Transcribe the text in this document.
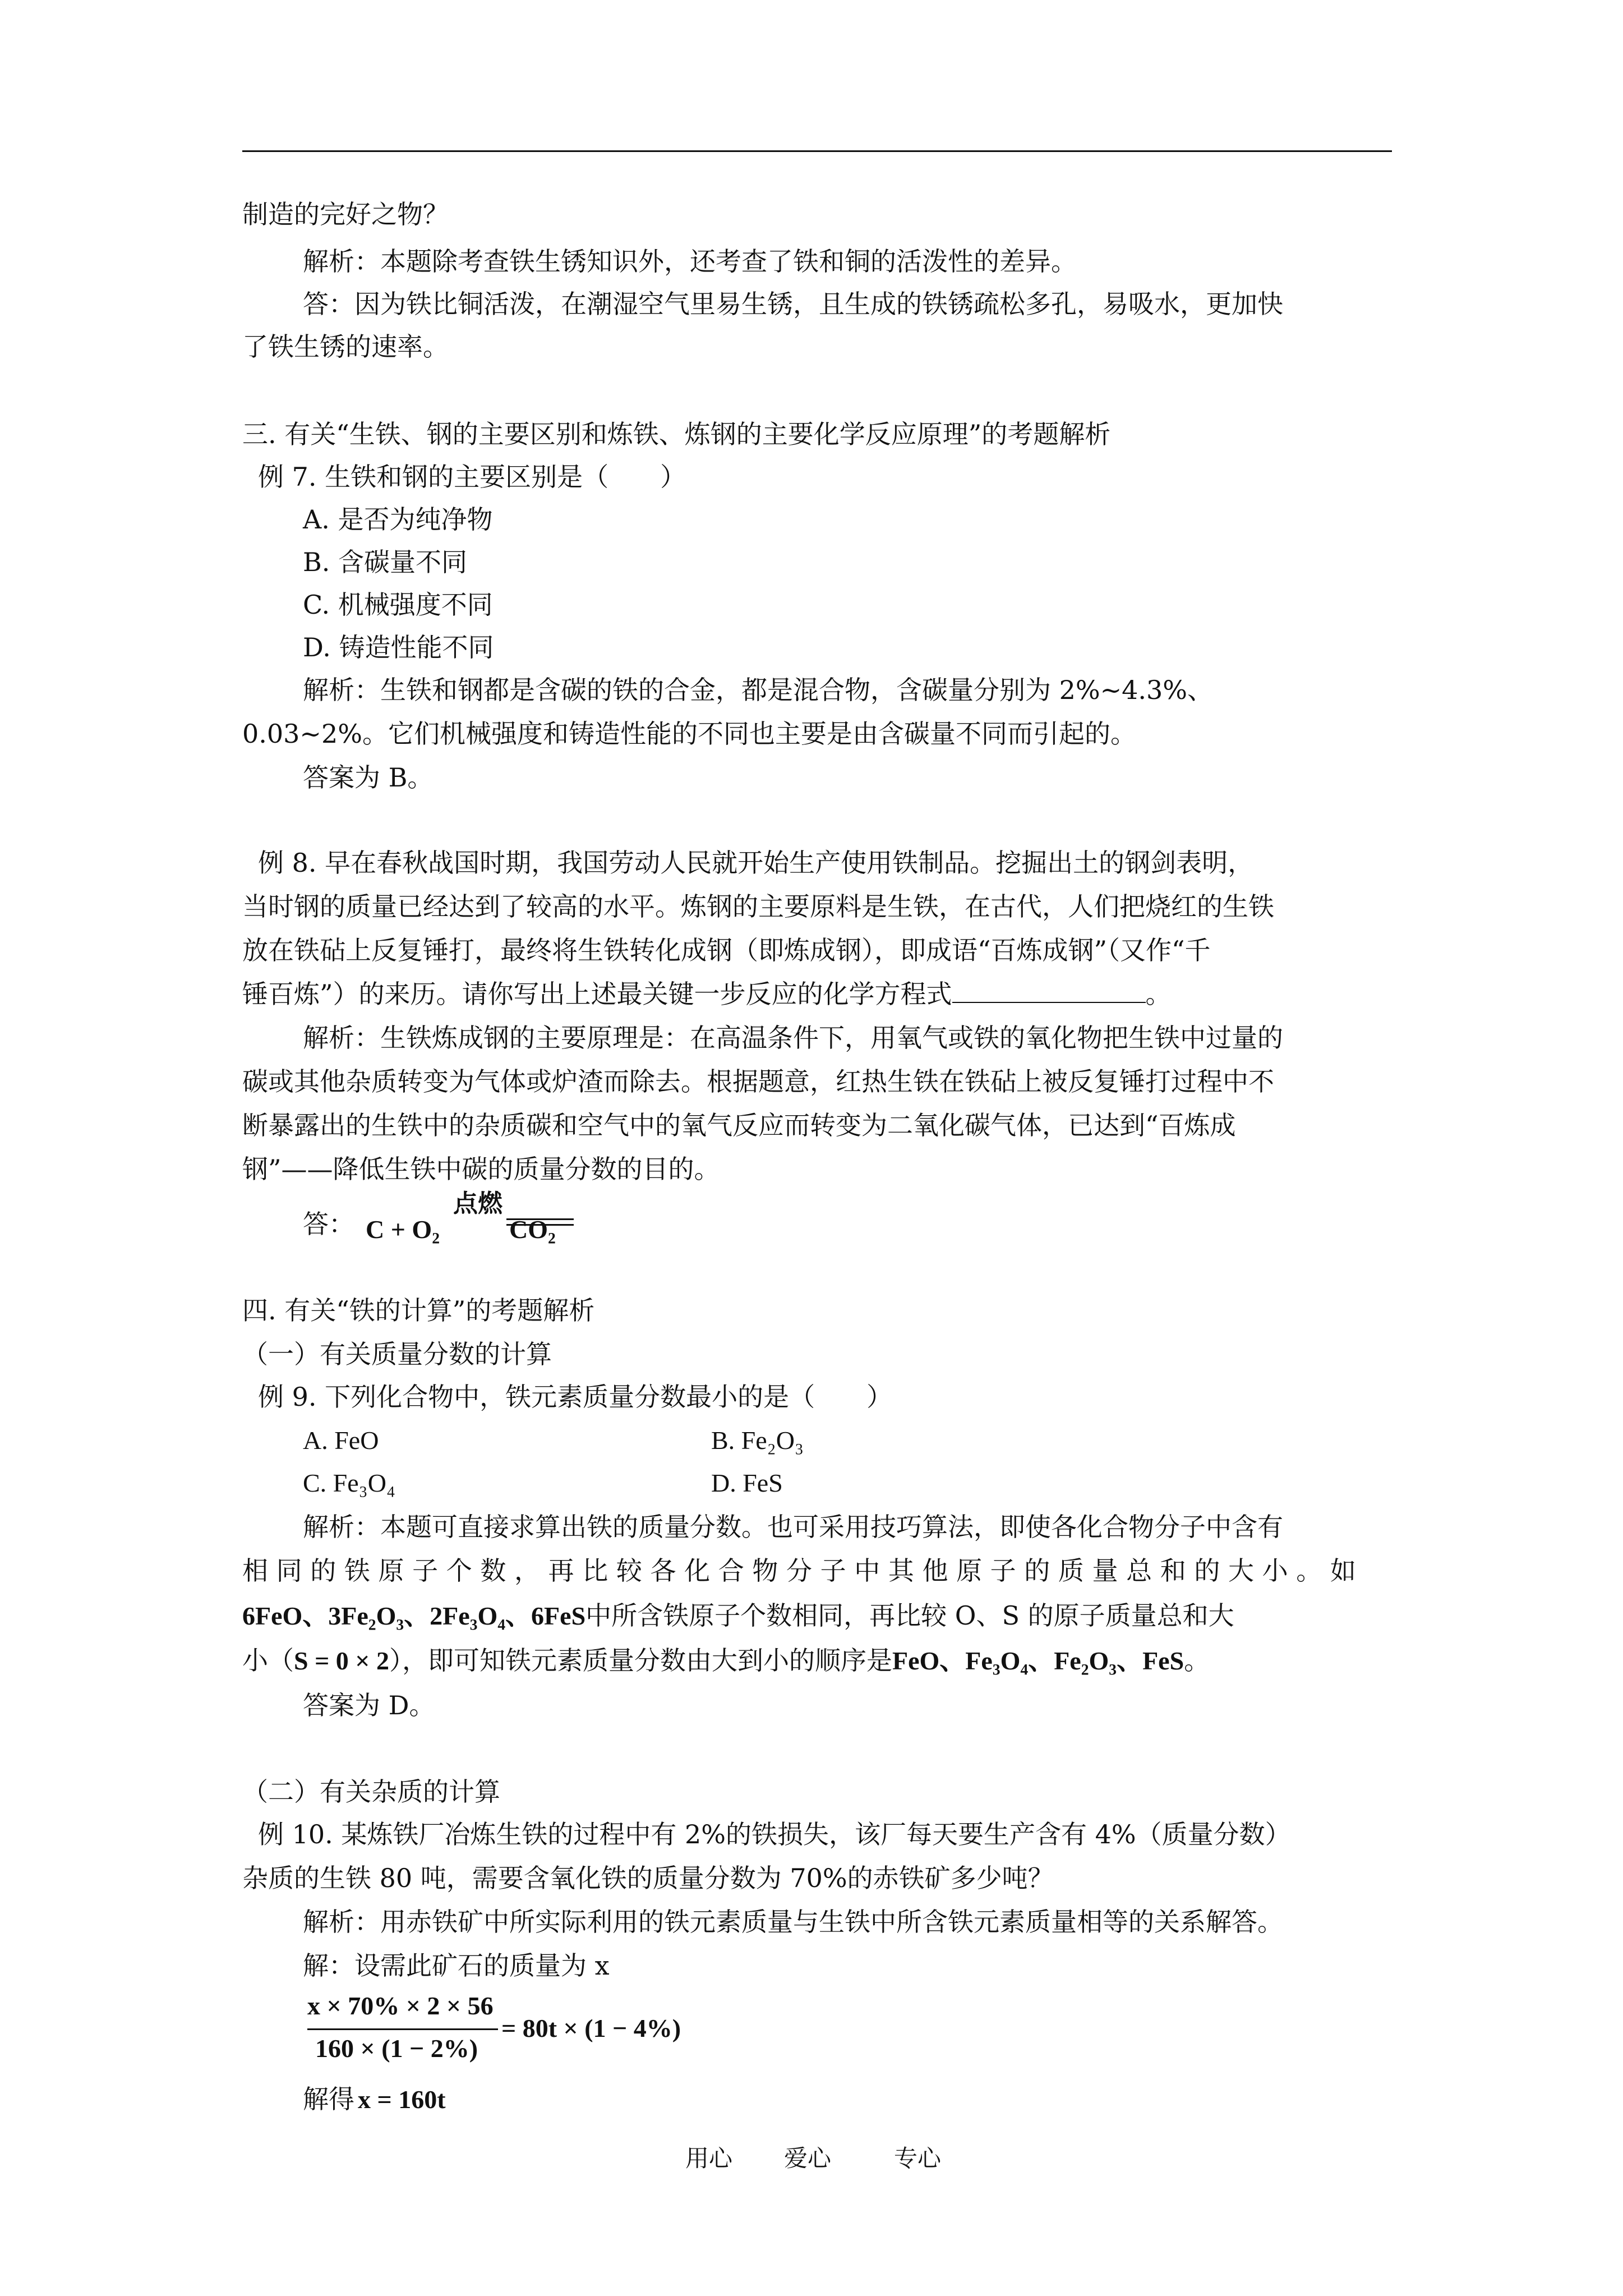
制造的完好之物？
解析：本题除考查铁生锈知识外，还考查了铁和铜的活泼性的差异。
答：因为铁比铜活泼，在潮湿空气里易生锈，且生成的铁锈疏松多孔，易吸水，更加快
了铁生锈的速率。
三. 有关“生铁、钢的主要区别和炼铁、炼钢的主要化学反应原理”的考题解析
例 7. 生铁和钢的主要区别是（　　）
A. 是否为纯净物
B. 含碳量不同
C. 机械强度不同
D. 铸造性能不同
解析：生铁和钢都是含碳的铁的合金，都是混合物，含碳量分别为 2%~4.3%、
0.03~2%。它们机械强度和铸造性能的不同也主要是由含碳量不同而引起的。
答案为 B。
例 8. 早在春秋战国时期，我国劳动人民就开始生产使用铁制品。挖掘出土的钢剑表明，
当时钢的质量已经达到了较高的水平。炼钢的主要原料是生铁，在古代，人们把烧红的生铁
放在铁砧上反复锤打，最终将生铁转化成钢（即炼成钢），即成语“百炼成钢”（又作“千
锤百炼”）的来历。请你写出上述最关键一步反应的化学方程式	。
解析：生铁炼成钢的主要原理是：在高温条件下，用氧气或铁的氧化物把生铁中过量的
碳或其他杂质转变为气体或炉渣而除去。根据题意，红热生铁在铁砧上被反复锤打过程中不
断暴露出的生铁中的杂质碳和空气中的氧气反应而转变为二氧化碳气体，已达到“百炼成
钢”——降低生铁中碳的质量分数的目的。
答： C + O₂
点燃
CO₂
四. 有关“铁的计算”的考题解析
（一）有关质量分数的计算
例 9. 下列化合物中，铁元素质量分数最小的是（　　）
A. FeO	B. Fe₂O₃
C. Fe₃O₄	D. FeS
解析：本题可直接求算出铁的质量分数。也可采用技巧算法，即使各化合物分子中含有
相 同 的 铁 原 子 个 数 ， 再 比 较 各 化 合 物 分 子 中 其 他 原 子 的 质 量 总 和 的 大 小 。 如
6FeO、3Fe₂O₃、2Fe₃O₄、6FeS中所含铁原子个数相同，再比较 O、S 的原子质量总和大
小（S = 0 × 2），即可知铁元素质量分数由大到小的顺序是FeO、Fe₃O₄、Fe₂O₃、FeS。
答案为 D。
（二）有关杂质的计算
例 10. 某炼铁厂冶炼生铁的过程中有 2%的铁损失，该厂每天要生产含有 4%（质量分数）
杂质的生铁 80 吨，需要含氧化铁的质量分数为 70%的赤铁矿多少吨？
解析：用赤铁矿中所实际利用的铁元素质量与生铁中所含铁元素质量相等的关系解答。
解：设需此矿石的质量为 x
x × 70% × 2 × 56
160 × (1 − 2%)
= 80t × (1 − 4%)
解得 x = 160t
用心 爱心	专心
